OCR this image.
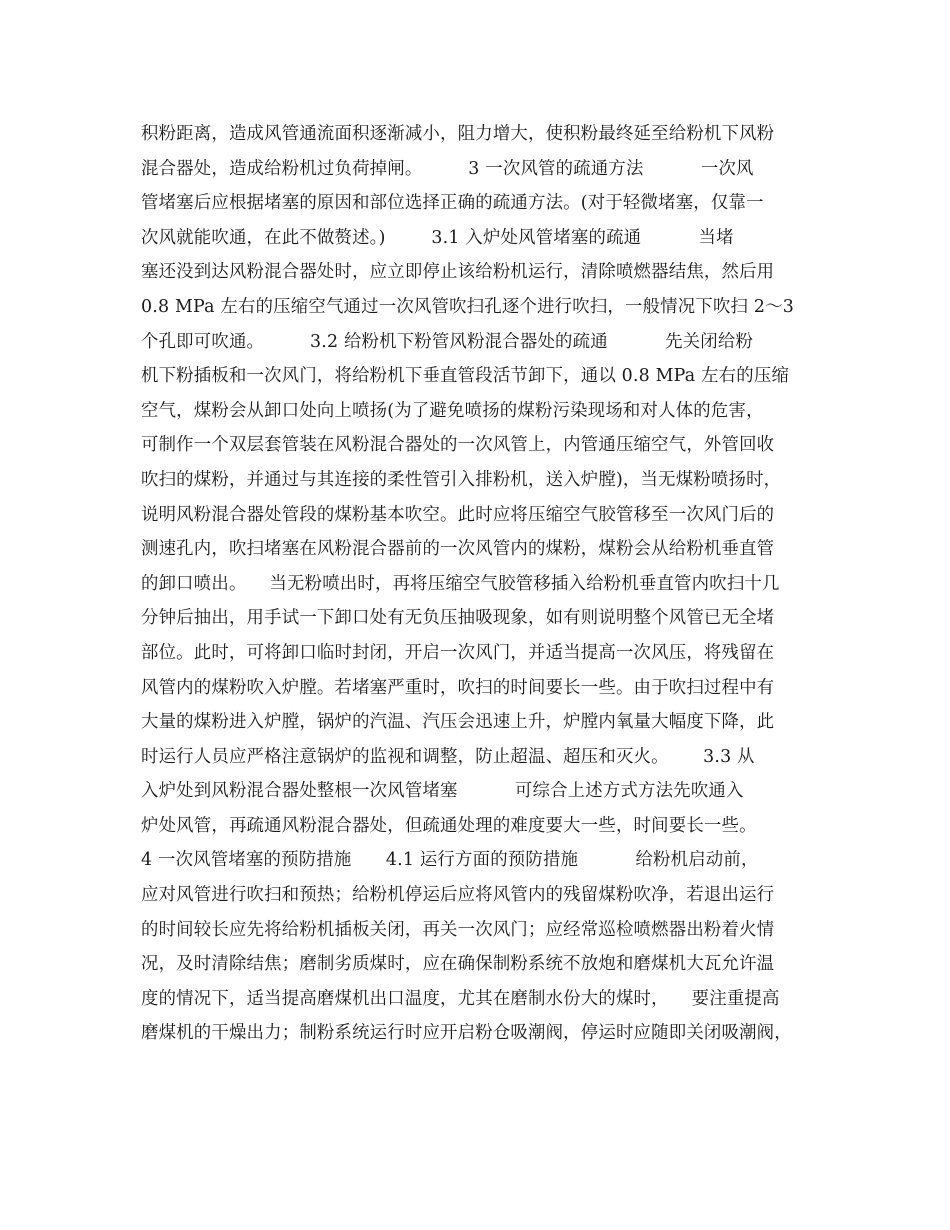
积粉距离，造成风管通流面积逐渐减小，阻力增大，使积粉最终延至给粉机下风粉
混合器处，造成给粉机过负荷掉闸。        3 一次风管的疏通方法          一次风
管堵塞后应根据堵塞的原因和部位选择正确的疏通方法。(对于轻微堵塞，仅靠一
次风就能吹通，在此不做赘述。)        3.1 入炉处风管堵塞的疏通          当堵
塞还没到达风粉混合器处时，应立即停止该给粉机运行，清除喷燃器结焦，然后用
0.8 MPa 左右的压缩空气通过一次风管吹扫孔逐个进行吹扫，一般情况下吹扫 2～3
个孔即可吹通。        3.2 给粉机下粉管风粉混合器处的疏通          先关闭给粉
机下粉插板和一次风门，将给粉机下垂直管段活节卸下，通以 0.8 MPa 左右的压缩
空气，煤粉会从卸口处向上喷扬(为了避免喷扬的煤粉污染现场和对人体的危害，
可制作一个双层套管装在风粉混合器处的一次风管上，内管通压缩空气，外管回收
吹扫的煤粉，并通过与其连接的柔性管引入排粉机，送入炉膛)，当无煤粉喷扬时，
说明风粉混合器处管段的煤粉基本吹空。此时应将压缩空气胶管移至一次风门后的
测速孔内，吹扫堵塞在风粉混合器前的一次风管内的煤粉，煤粉会从给粉机垂直管
的卸口喷出。    当无粉喷出时，再将压缩空气胶管移插入给粉机垂直管内吹扫十几
分钟后抽出，用手试一下卸口处有无负压抽吸现象，如有则说明整个风管已无全堵
部位。此时，可将卸口临时封闭，开启一次风门，并适当提高一次风压，将残留在
风管内的煤粉吹入炉膛。若堵塞严重时，吹扫的时间要长一些。由于吹扫过程中有
大量的煤粉进入炉膛，锅炉的汽温、汽压会迅速上升，炉膛内氧量大幅度下降，此
时运行人员应严格注意锅炉的监视和调整，防止超温、超压和灭火。      3.3 从
入炉处到风粉混合器处整根一次风管堵塞          可综合上述方式方法先吹通入
炉处风管，再疏通风粉混合器处，但疏通处理的难度要大一些，时间要长一些。
4 一次风管堵塞的预防措施      4.1 运行方面的预防措施          给粉机启动前，
应对风管进行吹扫和预热；给粉机停运后应将风管内的残留煤粉吹净，若退出运行
的时间较长应先将给粉机插板关闭，再关一次风门；应经常巡检喷燃器出粉着火情
况，及时清除结焦；磨制劣质煤时，应在确保制粉系统不放炮和磨煤机大瓦允许温
度的情况下，适当提高磨煤机出口温度，尤其在磨制水份大的煤时，    要注重提高
磨煤机的干燥出力；制粉系统运行时应开启粉仓吸潮阀，停运时应随即关闭吸潮阀，
